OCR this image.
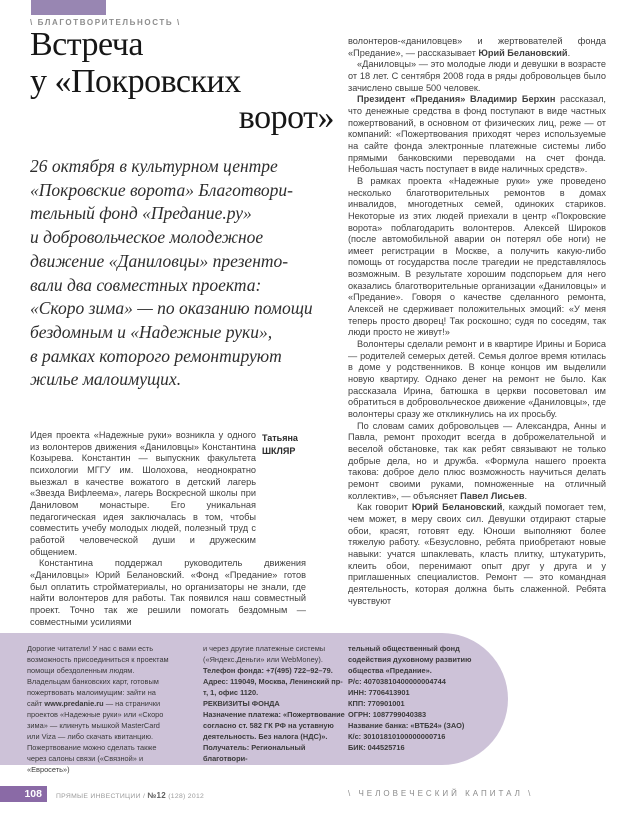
\ БЛАГОТВОРИТЕЛЬНОСТЬ \
Встреча
у «Покровских
ворот»
26 октября в культурном центре
«Покровские ворота» Благотвори-
тельный фонд «Предание.ру»
и добровольческое молодежное
движение «Даниловцы» презенто-
вали два совместных проекта:
«Скоро зима» — по оказанию помощи
бездомным и «Надежные руки»,
в рамках которого ремонтируют
жилье малоимущих.
Татьяна
ШКЛЯР

Идея проекта «Надежные руки» возникла у одного из волонтеров движения «Даниловцы» Константина Козырева. Константин — выпускник факультета психологии МГГУ им. Шолохова, неоднократно выезжал в качестве вожатого в детский лагерь «Звезда Вифлеема», лагерь Воскресной школы при Даниловом монастыре. Его уникальная педагогическая идея заключалась в том, чтобы совместить учебу молодых людей, полезный труд с работой человеческой души и дружеским общением.

Константина поддержал руководитель движения «Даниловцы» Юрий Белановский. «Фонд «Предание» готов был оплатить стройматериалы, но организаторы не знали, где найти волонтеров для работы. Так появился наш совместный проект. Точно так же решили помогать бездомным — совместными усилиями

волонтеров-«даниловцев» и жертвователей фонда «Предание», — рассказывает Юрий Белановский.

«Даниловцы» — это молодые люди и девушки в возрасте от 18 лет. С сентября 2008 года в ряды добровольцев было зачислено свыше 500 человек.

Президент «Предания» Владимир Берхин рассказал, что денежные средства в фонд поступают в виде частных пожертвований, в основном от физических лиц, реже — от компаний: «Пожертвования приходят через используемые на сайте фонда электронные платежные системы либо прямыми банковскими переводами на счет фонда. Небольшая часть поступает в виде наличных средств».

В рамках проекта «Надежные руки» уже проведено несколько благотворительных ремонтов в домах инвалидов, многодетных семей, одиноких стариков. Некоторые из этих людей приехали в центр «Покровские ворота» поблагодарить волонтеров. Алексей Широков (после автомобильной аварии он потерял обе ноги) не имеет регистрации в Москве, а получить какую-либо помощь от государства после трагедии не представлялось возможным. В результате хорошим подспорьем для него оказались благотворительные организации «Даниловцы» и «Предание». Говоря о качестве сделанного ремонта, Алексей не сдерживает положительных эмоций: «У меня теперь просто дворец! Так роскошно; судя по соседям, так люди просто не живут!»

Волонтеры сделали ремонт и в квартире Ирины и Бориса — родителей семерых детей. Семья долгое время ютилась в доме у родственников. В конце концов им выделили новую квартиру. Однако денег на ремонт не было. Как рассказала Ирина, батюшка в церкви посоветовал им обратиться в добровольческое движение «Даниловцы», где волонтеры сразу же откликнулись на их просьбу.

По словам самих добровольцев — Александра, Анны и Павла, ремонт проходит всегда в доброжелательной и веселой обстановке, так как ребят связывают не только добрые дела, но и дружба. «Формула нашего проекта такова: доброе дело плюс возможность научиться делать ремонт своими руками, помноженные на отличный коллектив», — объясняет Павел Лисьев.

Как говорит Юрий Белановский, каждый помогает тем, чем может, в меру своих сил. Девушки отдирают старые обои, красят, готовят еду. Юноши выполняют более тяжелую работу. «Безусловно, ребята приобретают новые навыки: учатся шпаклевать, класть плитку, штукатурить, клеить обои, перенимают опыт друг у друга и у приглашенных специалистов. Ремонт — это командная деятельность, которая должна быть слаженной. Ребята чувствуют

Дорогие читатели! У нас с вами есть возможность присоединиться к проектам помощи обездоленным людям. Владельцам банковских карт, готовым пожертвовать малоимущим: зайти на сайт www.predanie.ru — на странички проектов «Надежные руки» или «Скоро зима» — кликнуть мышкой MasterCard или Viza — либо скачать квитанцию. Пожертвование можно сделать также через салоны связи («Связной» и «Евросеть»)
и через другие платежные системы («Яндекс.Деньги» или WebMoney).
Телефон фонда: +7(495) 722–92–79.
Адрес: 119049, Москва, Ленинский пр-т, 1, офис 1120.
РЕКВИЗИТЫ ФОНДА
Назначение платежа: «Пожертвование согласно ст. 582 ГК РФ на уставную деятельность. Без налога (НДС)».
Получатель: Региональный благотвори-
тельный общественный фонд содействия духовному развитию общества «Предание».
Р/с: 40703810400000004744
ИНН: 7706413901
КПП: 770901001
ОГРН: 1087799040383
Название банка: «ВТБ24» (ЗАО)
К/с: 30101810100000000716
БИК: 044525716
108	ПРЯМЫЕ ИНВЕСТИЦИИ / №12 (128) 2012	\ ЧЕЛОВЕЧЕСКИЙ КАПИТАЛ \
